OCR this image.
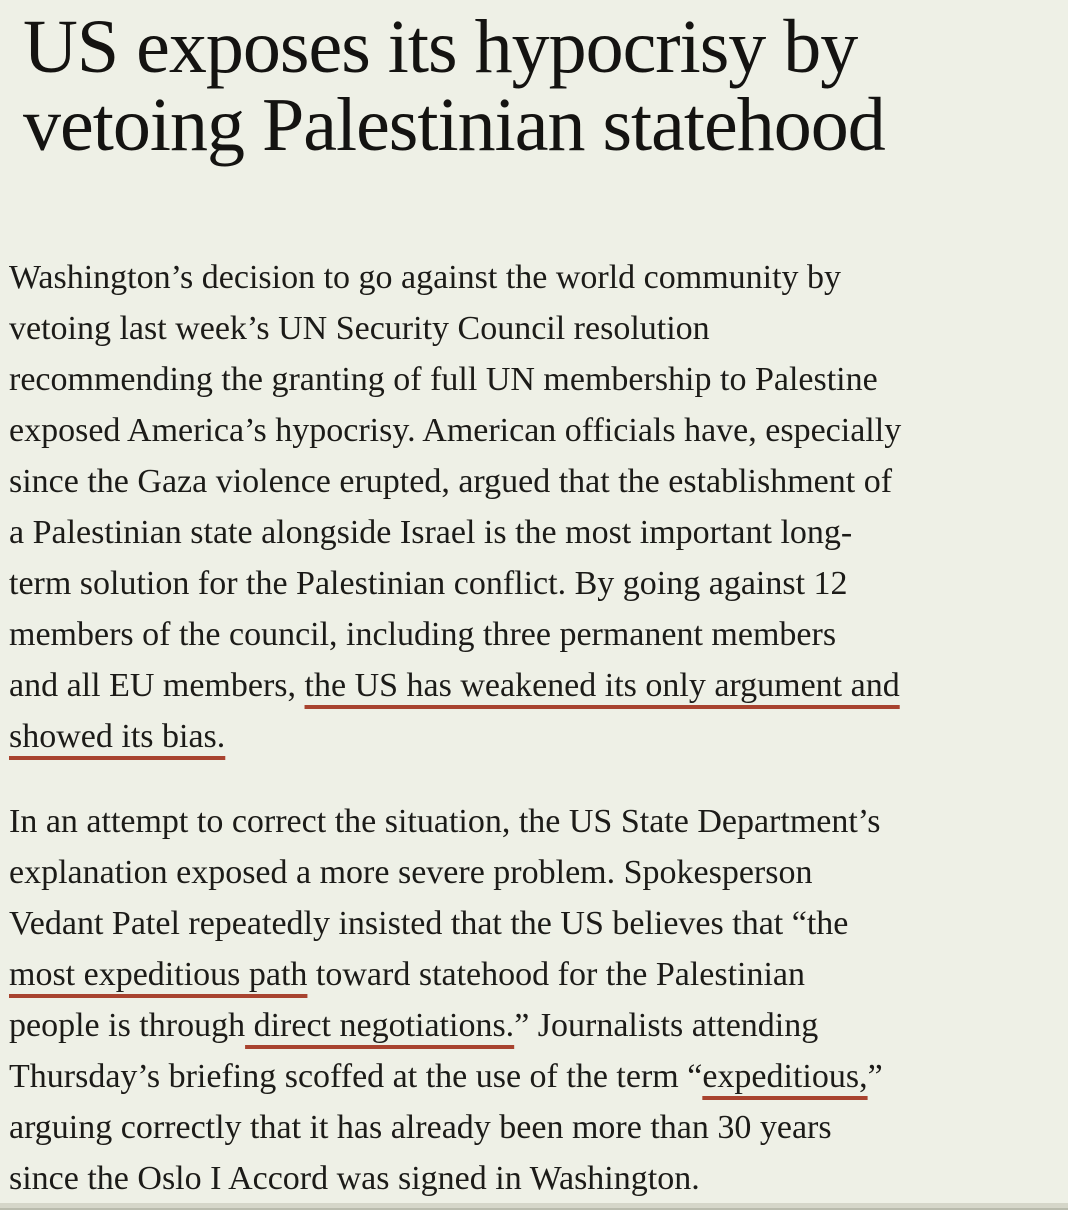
US exposes its hypocrisy by vetoing Palestinian statehood

Washington’s decision to go against the world community by
vetoing last week’s UN Security Council resolution
recommending the granting of full UN membership to Palestine
exposed America’s hypocrisy. American officials have, especially
since the Gaza violence erupted, argued that the establishment of
a Palestinian state alongside Israel is the most important long-
term solution for the Palestinian conflict. By going against 12
members of the council, including three permanent members
and all EU members, the US has weakened its only argument and
showed its bias.

In an attempt to correct the situation, the US State Department’s
explanation exposed a more severe problem. Spokesperson
Vedant Patel repeatedly insisted that the US believes that “the
most expeditious path toward statehood for the Palestinian
people is through direct negotiations.” Journalists attending
Thursday’s briefing scoffed at the use of the term “expeditious,”
arguing correctly that it has already been more than 30 years
since the Oslo I Accord was signed in Washington.
